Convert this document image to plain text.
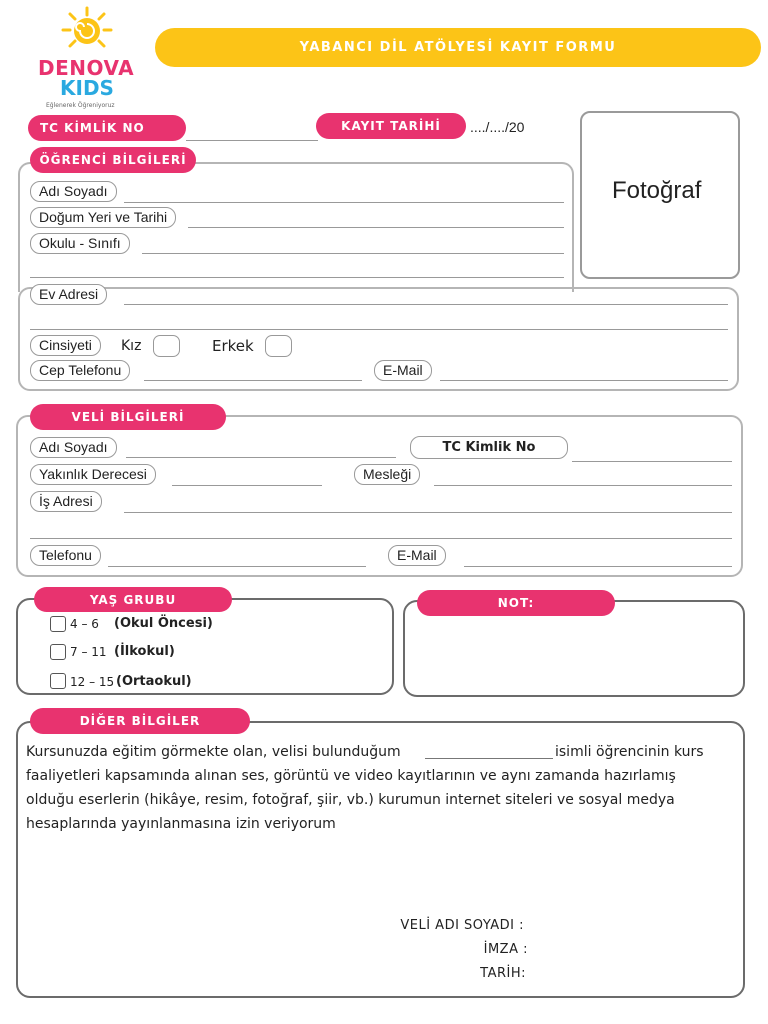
DENOVA
KIDS
Eğlenerek Öğreniyoruz
YABANCI DİL ATÖLYESİ KAYIT FORMU
TC KİMLİK NO	KAYIT TARİHİ	..../..../20
Fotoğraf
ÖĞRENCİ BİLGİLERİ
Adı Soyadı
Doğum Yeri ve Tarihi
Okulu - Sınıfı
Ev Adresi
Cinsiyeti	Kız	Erkek
Cep Telefonu	E-Mail
VELİ BİLGİLERİ
Adı Soyadı	TC Kimlik No
Yakınlık Derecesi	Mesleği
İş Adresi
Telefonu	E-Mail
YAŞ GRUBU
4 – 6 (Okul Öncesi)
7 – 11 (İlkokul)
12 – 15 (Ortaokul)
NOT:
DİĞER BİLGİLER
Kursunuzda eğitim görmekte olan, velisi bulunduğum	isimli öğrencinin kurs
faaliyetleri kapsamında alınan ses, görüntü ve video kayıtlarının ve aynı zamanda hazırlamış
olduğu eserlerin (hikâye, resim, fotoğraf, şiir, vb.) kurumun internet siteleri ve sosyal medya
hesaplarında yayınlanmasına izin veriyorum
VELİ ADI SOYADI :
İMZA :
TARİH:
